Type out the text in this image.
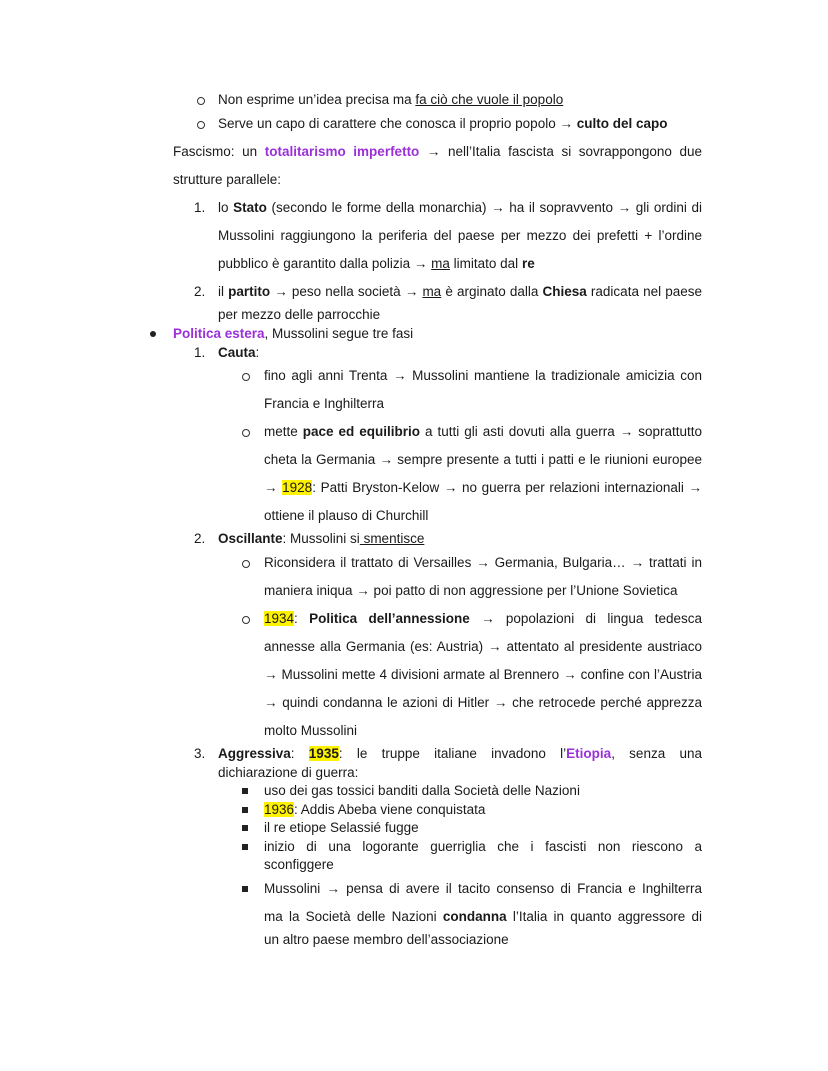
Non esprime un’idea precisa ma fa ciò che vuole il popolo
Serve un capo di carattere che conosca il proprio popolo → culto del capo
Fascismo: un totalitarismo imperfetto → nell’Italia fascista si sovrappongono due
strutture parallele:
1. lo Stato (secondo le forme della monarchia) → ha il sopravvento → gli ordini di
Mussolini raggiungono la periferia del paese per mezzo dei prefetti + l’ordine
pubblico è garantito dalla polizia → ma limitato dal re
2. il partito → peso nella società → ma è arginato dalla Chiesa radicata nel paese
per mezzo delle parrocchie
Politica estera, Mussolini segue tre fasi
1. Cauta:
fino agli anni Trenta → Mussolini mantiene la tradizionale amicizia con
Francia e Inghilterra
mette pace ed equilibrio a tutti gli asti dovuti alla guerra → soprattutto
cheta la Germania → sempre presente a tutti i patti e le riunioni europee
→ 1928: Patti Bryston-Kelow → no guerra per relazioni internazionali →
ottiene il plauso di Churchill
2. Oscillante: Mussolini si smentisce
Riconsidera il trattato di Versailles → Germania, Bulgaria… → trattati in
maniera iniqua → poi patto di non aggressione per l’Unione Sovietica
1934: Politica dell’annessione → popolazioni di lingua tedesca
annesse alla Germania (es: Austria) → attentato al presidente austriaco
→ Mussolini mette 4 divisioni armate al Brennero → confine con l’Austria
→ quindi condanna le azioni di Hitler → che retrocede perché apprezza
molto Mussolini
3. Aggressiva: 1935: le truppe italiane invadono l’Etiopia, senza una
dichiarazione di guerra:
uso dei gas tossici banditi dalla Società delle Nazioni
1936: Addis Abeba viene conquistata
il re etiope Selassié fugge
inizio di una logorante guerriglia che i fascisti non riescono a
sconfiggere
Mussolini → pensa di avere il tacito consenso di Francia e Inghilterra
ma la Società delle Nazioni condanna l’Italia in quanto aggressore di
un altro paese membro dell’associazione
